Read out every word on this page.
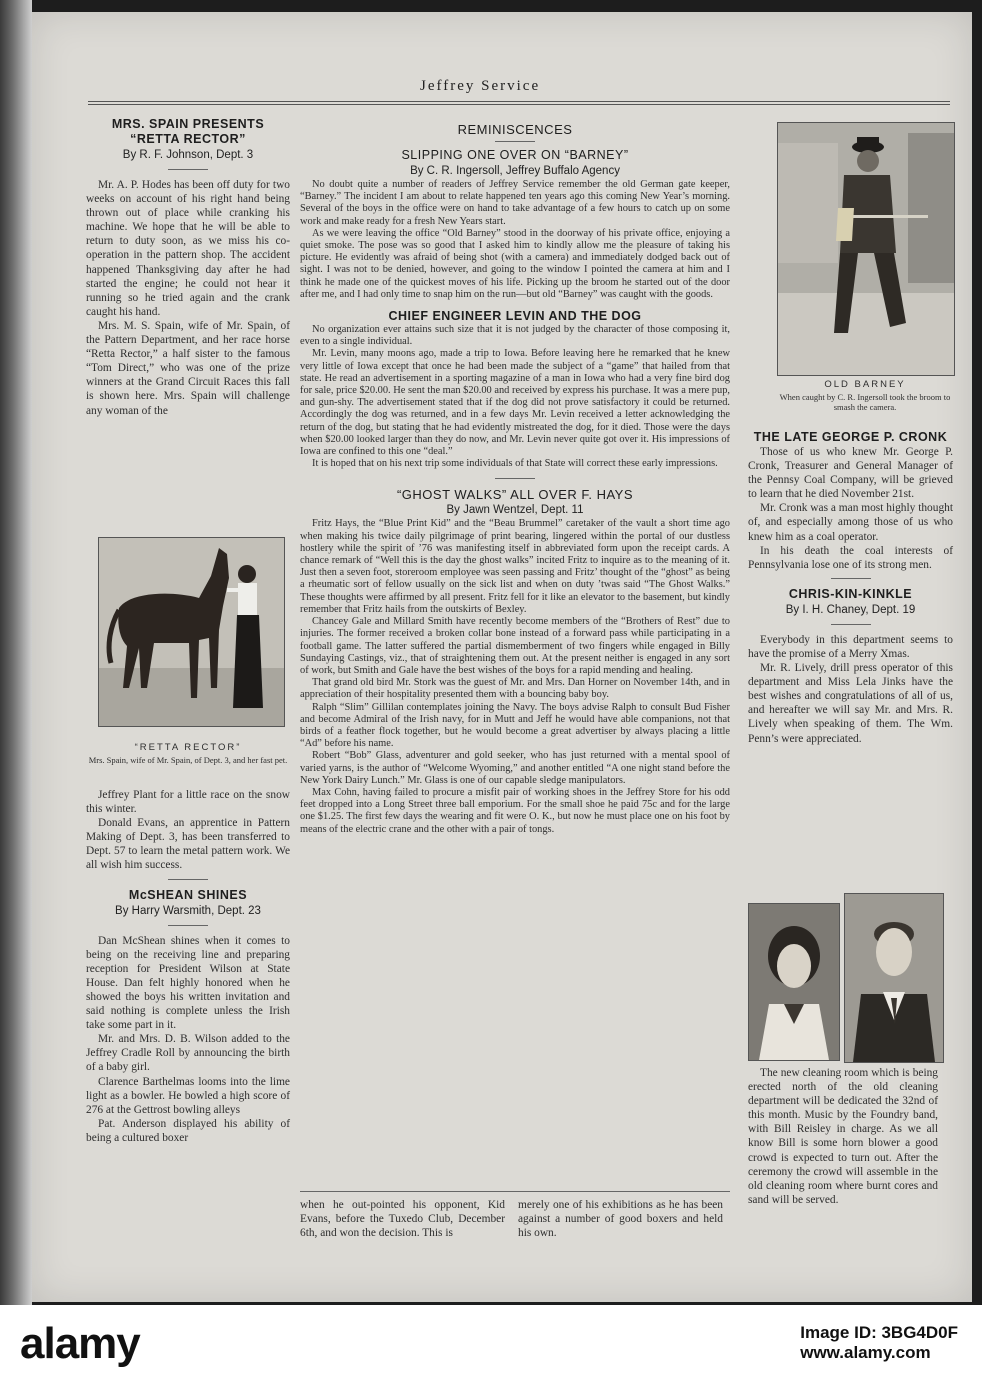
Jeffrey Service
MRS. SPAIN PRESENTS
“RETTA RECTOR”
By R. F. Johnson, Dept. 3

Mr. A. P. Hodes has been off duty for two weeks on account of his right hand being thrown out of place while cranking his machine. We hope that he will be able to return to duty soon, as we miss his co-operation in the pattern shop. The accident happened Thanksgiving day after he had started the engine; he could not hear it running so he tried again and the crank caught his hand.

Mrs. M. S. Spain, wife of Mr. Spain, of the Pattern Department, and her race horse “Retta Rector,” a half sister to the famous “Tom Direct,” who was one of the prize winners at the Grand Circuit Races this fall is shown here. Mrs. Spain will challenge any woman of the

“RETTA RECTOR”
Mrs. Spain, wife of Mr. Spain, of Dept. 3, and her fast pet.

Jeffrey Plant for a little race on the snow this winter.

Donald Evans, an apprentice in Pattern Making of Dept. 3, has been transferred to Dept. 57 to learn the metal pattern work. We all wish him success.

McSHEAN SHINES
By Harry Warsmith, Dept. 23

Dan McShean shines when it comes to being on the receiving line and preparing reception for President Wilson at State House. Dan felt highly honored when he showed the boys his written invitation and said nothing is complete unless the Irish take some part in it.

Mr. and Mrs. D. B. Wilson added to the Jeffrey Cradle Roll by announcing the birth of a baby girl.

Clarence Barthelmas looms into the lime light as a bowler. He bowled a high score of 276 at the Gettrost bowling alleys

Pat. Anderson displayed his ability of being a cultured boxer

REMINISCENCES
SLIPPING ONE OVER ON “BARNEY”
By C. R. Ingersoll, Jeffrey Buffalo Agency

No doubt quite a number of readers of Jeffrey Service remember the old German gate keeper, “Barney.” The incident I am about to relate happened ten years ago this coming New Year’s morning. Several of the boys in the office were on hand to take advantage of a few hours to catch up on some work and make ready for a fresh New Years start.

As we were leaving the office “Old Barney” stood in the doorway of his private office, enjoying a quiet smoke. The pose was so good that I asked him to kindly allow me the pleasure of taking his picture. He evidently was afraid of being shot (with a camera) and immediately dodged back out of sight. I was not to be denied, however, and going to the window I pointed the camera at him and I think he made one of the quickest moves of his life. Picking up the broom he started out of the door after me, and I had only time to snap him on the run—but old “Barney” was caught with the goods.

CHIEF ENGINEER LEVIN AND THE DOG

No organization ever attains such size that it is not judged by the character of those composing it, even to a single individual.

Mr. Levin, many moons ago, made a trip to Iowa. Before leaving here he remarked that he knew very little of Iowa except that once he had been made the subject of a “game” that hailed from that state. He read an advertisement in a sporting magazine of a man in Iowa who had a very fine bird dog for sale, price $20.00. He sent the man $20.00 and received by express his purchase. It was a mere pup, and gun-shy. The advertisement stated that if the dog did not prove satisfactory it could be returned. Accordingly the dog was returned, and in a few days Mr. Levin received a letter acknowledging the return of the dog, but stating that he had evidently mistreated the dog, for it died. Those were the days when $20.00 looked larger than they do now, and Mr. Levin never quite got over it. His impressions of Iowa are confined to this one “deal.”

It is hoped that on his next trip some individuals of that State will correct these early impressions.

“GHOST WALKS” ALL OVER F. HAYS
By Jawn Wentzel, Dept. 11

Fritz Hays, the “Blue Print Kid” and the “Beau Brummel” caretaker of the vault a short time ago when making his twice daily pilgrimage of print bearing, lingered within the portal of our dustless hostlery while the spirit of ’76 was manifesting itself in abbreviated form upon the receipt cards. A chance remark of “Well this is the day the ghost walks” incited Fritz to inquire as to the meaning of it. Just then a seven foot, storeroom employee was seen passing and Fritz’ thought of the “ghost” as being a rheumatic sort of fellow usually on the sick list and when on duty ’twas said “The Ghost Walks.” These thoughts were affirmed by all present. Fritz fell for it like an elevator to the basement, but kindly remember that Fritz hails from the outskirts of Bexley.

Chancey Gale and Millard Smith have recently become members of the “Brothers of Rest” due to injuries. The former received a broken collar bone instead of a forward pass while participating in a football game. The latter suffered the partial dismemberment of two fingers while engaged in Billy Sundaying Castings, viz., that of straightening them out. At the present neither is engaged in any sort of work, but Smith and Gale have the best wishes of the boys for a rapid mending and healing.

That grand old bird Mr. Stork was the guest of Mr. and Mrs. Dan Horner on November 14th, and in appreciation of their hospitality presented them with a bouncing baby boy.

Ralph “Slim” Gillilan contemplates joining the Navy. The boys advise Ralph to consult Bud Fisher and become Admiral of the Irish navy, for in Mutt and Jeff he would have able companions, not that birds of a feather flock together, but he would become a great advertiser by always placing a little “Ad” before his name.

Robert “Bob” Glass, adventurer and gold seeker, who has just returned with a mental spool of varied yarns, is the author of “Welcome Wyoming,” and another entitled “A one night stand before the New York Dairy Lunch.” Mr. Glass is one of our capable sledge manipulators.

Max Cohn, having failed to procure a misfit pair of working shoes in the Jeffrey Store for his odd feet dropped into a Long Street three ball emporium. For the small shoe he paid 75c and for the large one $1.25. The first few days the wearing and fit were O. K., but now he must place one on his foot by means of the electric crane and the other with a pair of tongs.

when he out-pointed his opponent, Kid Evans, before the Tuxedo Club, December 6th, and won the decision. This is

merely one of his exhibitions as he has been against a number of good boxers and held his own.

OLD BARNEY
When caught by C. R. Ingersoll took the broom to smash the camera.
THE LATE GEORGE P. CRONK

Those of us who knew Mr. George P. Cronk, Treasurer and General Manager of the Pennsy Coal Company, will be grieved to learn that he died November 21st.

Mr. Cronk was a man most highly thought of, and especially among those of us who knew him as a coal operator.

In his death the coal interests of Pennsylvania lose one of its strong men.

CHRIS-KIN-KINKLE
By I. H. Chaney, Dept. 19

Everybody in this department seems to have the promise of a Merry Xmas.

Mr. R. Lively, drill press operator of this department and Miss Lela Jinks have the best wishes and congratulations of all of us, and hereafter we will say Mr. and Mrs. R. Lively when speaking of them. The Wm. Penn’s were appreciated.

The new cleaning room which is being erected north of the old cleaning department will be dedicated the 32nd of this month. Music by the Foundry band, with Bill Reisley in charge. As we all know Bill is some horn blower a good crowd is expected to turn out. After the ceremony the crowd will assemble in the old cleaning room where burnt cores and sand will be served.

alamy	Image ID: 3BG4D0F
www.alamy.com
